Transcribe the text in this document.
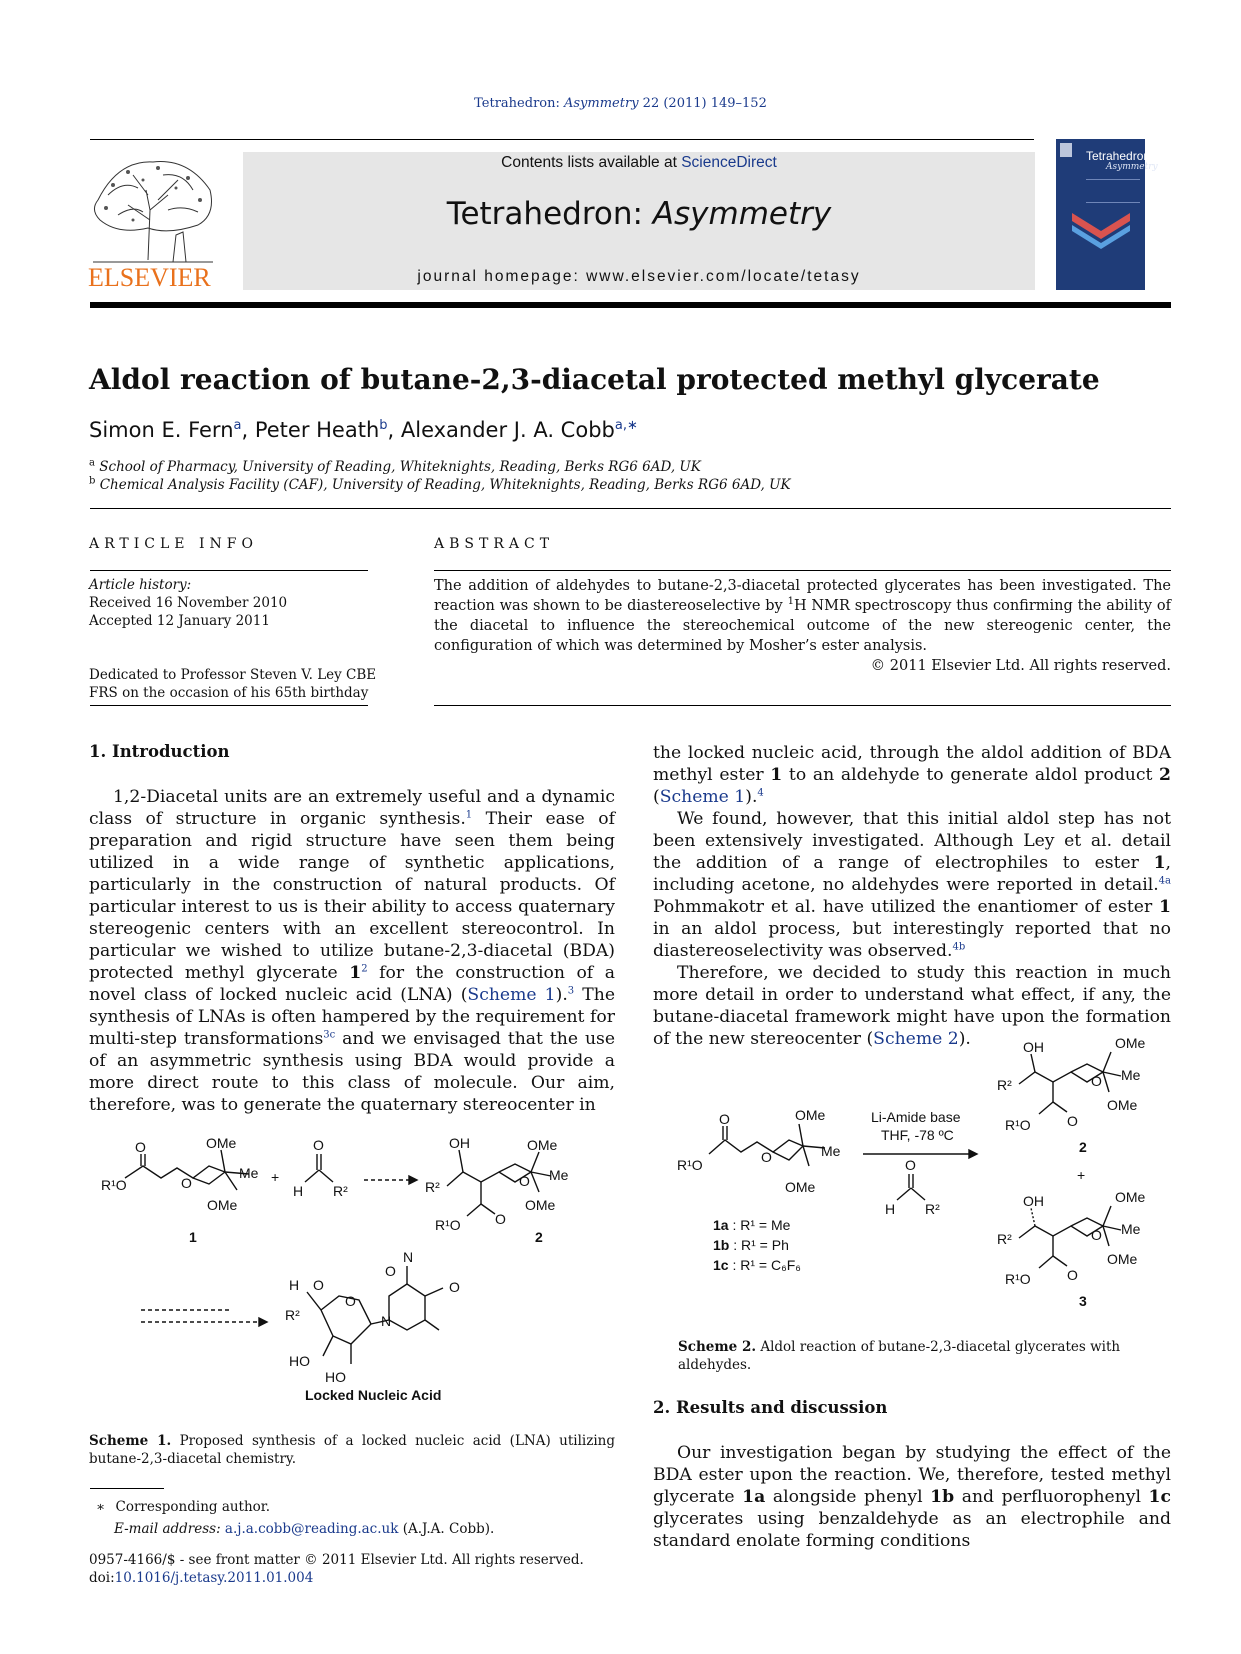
Tetrahedron: Asymmetry 22 (2011) 149–152
ELSEVIER
Contents lists available at ScienceDirect
Tetrahedron: Asymmetry
journal homepage: www.elsevier.com/locate/tetasy
Tetrahedron:
Asymmetry
Aldol reaction of butane-2,3-diacetal protected methyl glycerate
Simon E. Fern$^a$, Peter Heath$^b$, Alexander J. A. Cobb$^{a,∗}$
$^a$ School of Pharmacy, University of Reading, Whiteknights, Reading, Berks RG6 6AD, UK
$^b$ Chemical Analysis Facility (CAF), University of Reading, Whiteknights, Reading, Berks RG6 6AD, UK
ARTICLE INFO
Article history:
Received 16 November 2010
Accepted 12 January 2011
Dedicated to Professor Steven V. Ley CBE
FRS on the occasion of his 65th birthday
ABSTRACT
The addition of aldehydes to butane-2,3-diacetal protected glycerates has been investigated. The reaction was shown to be diastereoselective by $^1$H NMR spectroscopy thus confirming the ability of the diacetal to influence the stereochemical outcome of the new stereogenic center, the configuration of which was determined by Mosher’s ester analysis.
© 2011 Elsevier Ltd. All rights reserved.
1. Introduction

1,2-Diacetal units are an extremely useful and a dynamic class of structure in organic synthesis.$^1$ Their ease of preparation and rigid structure have seen them being utilized in a wide range of synthetic applications, particularly in the construction of natural products. Of particular interest to us is their ability to access quaternary stereogenic centers with an excellent stereocontrol. In particular we wished to utilize butane-2,3-diacetal (BDA) protected methyl glycerate $1^2$ for the construction of a novel class of locked nucleic acid (LNA) (Scheme 1).$^3$ The synthesis of LNAs is often hampered by the requirement for multi-step transformations$^{3c}$ and we envisaged that the use of an asymmetric synthesis using BDA would provide a more direct route to this class of molecule. Our aim, therefore, was to generate the quaternary stereocenter in

the locked nucleic acid, through the aldol addition of BDA methyl ester 1 to an aldehyde to generate aldol product 2 (Scheme 1).$^4$

We found, however, that this initial aldol step has not been extensively investigated. Although Ley et al. detail the addition of a range of electrophiles to ester 1, including acetone, no aldehydes were reported in detail.$^{4a}$ Pohmmakotr et al. have utilized the enantiomer of ester 1 in an aldol process, but interestingly reported that no diastereoselectivity was observed.$^{4b}$

Therefore, we decided to study this reaction in much more detail in order to understand what effect, if any, the butane-diacetal framework might have upon the formation of the new stereocenter (Scheme 2).

O
R¹O	O
OMe
Me
OMe
1
+
O
H R²
OH
R²	O
OMe
Me
OMe
R¹O O
2
H
R²
O
O
N
N
O
O
HO
HO
Locked Nucleic Acid
Scheme 1. Proposed synthesis of a locked nucleic acid (LNA) utilizing butane-2,3-diacetal chemistry.
O
R¹O	O
OMe
Me
OMe
1a : R¹ = Me
1b : R¹ = Ph
1c : R¹ = C₆F₆
Li-Amide base
THF, -78 ºC
O
H R²
OH
R²	O
OMe
Me
OMe
R¹O	O
2
+
OH
R²	O
OMe
Me
OMe
R¹O	O
3
Scheme 2. Aldol reaction of butane-2,3-diacetal glycerates with aldehydes.
2. Results and discussion

Our investigation began by studying the effect of the BDA ester upon the reaction. We, therefore, tested methyl glycerate 1a alongside phenyl 1b and perfluorophenyl 1c glycerates using benzaldehyde as an electrophile and standard enolate forming conditions

∗ Corresponding author.
E-mail address: a.j.a.cobb@reading.ac.uk (A.J.A. Cobb).
0957-4166/$ - see front matter © 2011 Elsevier Ltd. All rights reserved.
doi:10.1016/j.tetasy.2011.01.004
